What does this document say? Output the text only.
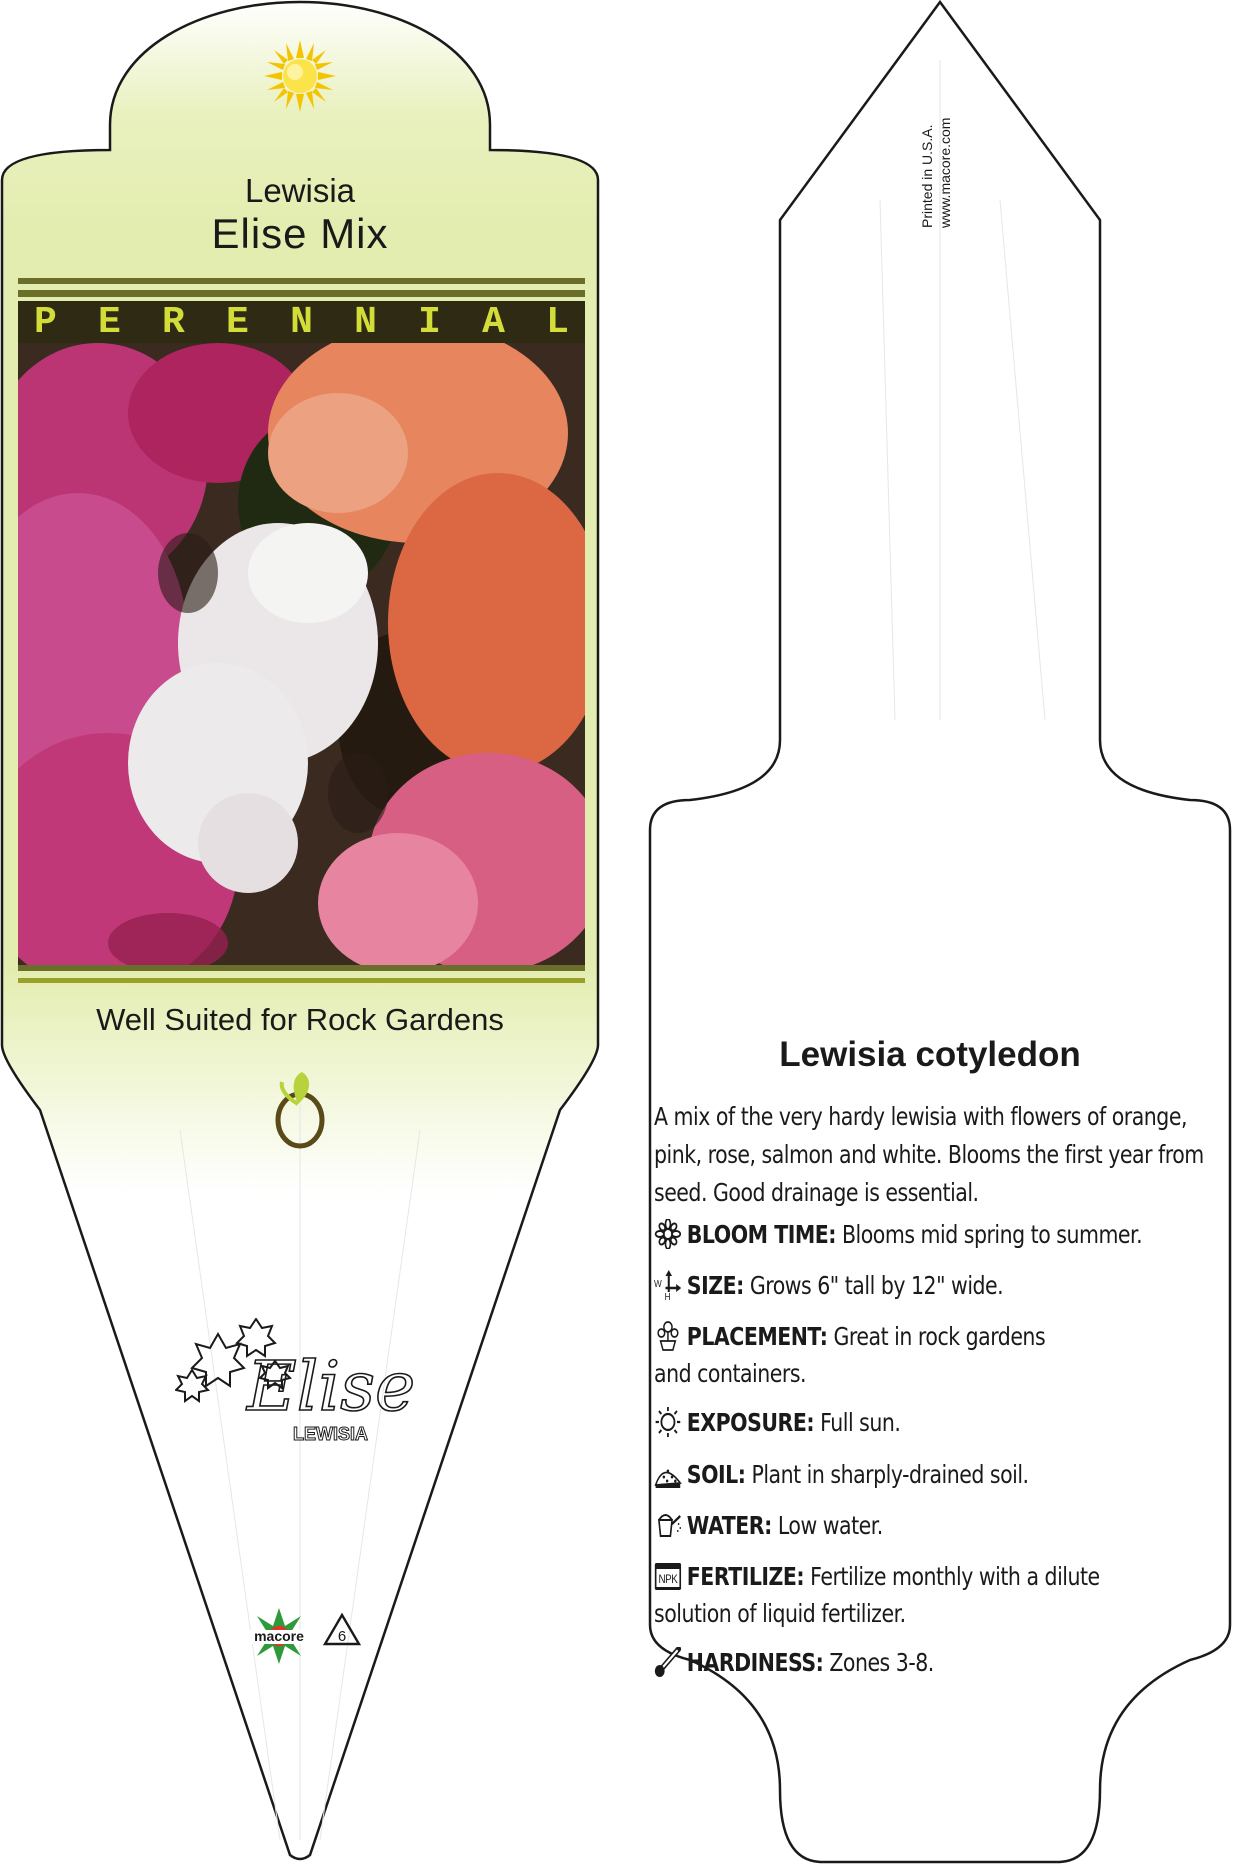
Lewisia
Elise Mix
P E R E N N I A L
Well Suited for Rock Gardens
Elise
LEWISIA
macore 6
Printed in U.S.A. www.macore.com
Lewisia cotyledon
A mix of the very hardy lewisia with flowers of orange, pink, rose, salmon and white. Blooms the first year from seed. Good drainage is essential.
BLOOM TIME: Blooms mid spring to summer.
W
H SIZE: Grows 6" tall by 12" wide.
PLACEMENT: Great in rock gardens and containers.
EXPOSURE: Full sun.
SOIL: Plant in sharply-drained soil.
WATER: Low water.
NPK FERTILIZE: Fertilize monthly with a dilute solution of liquid fertilizer.
HARDINESS: Zones 3-8.
